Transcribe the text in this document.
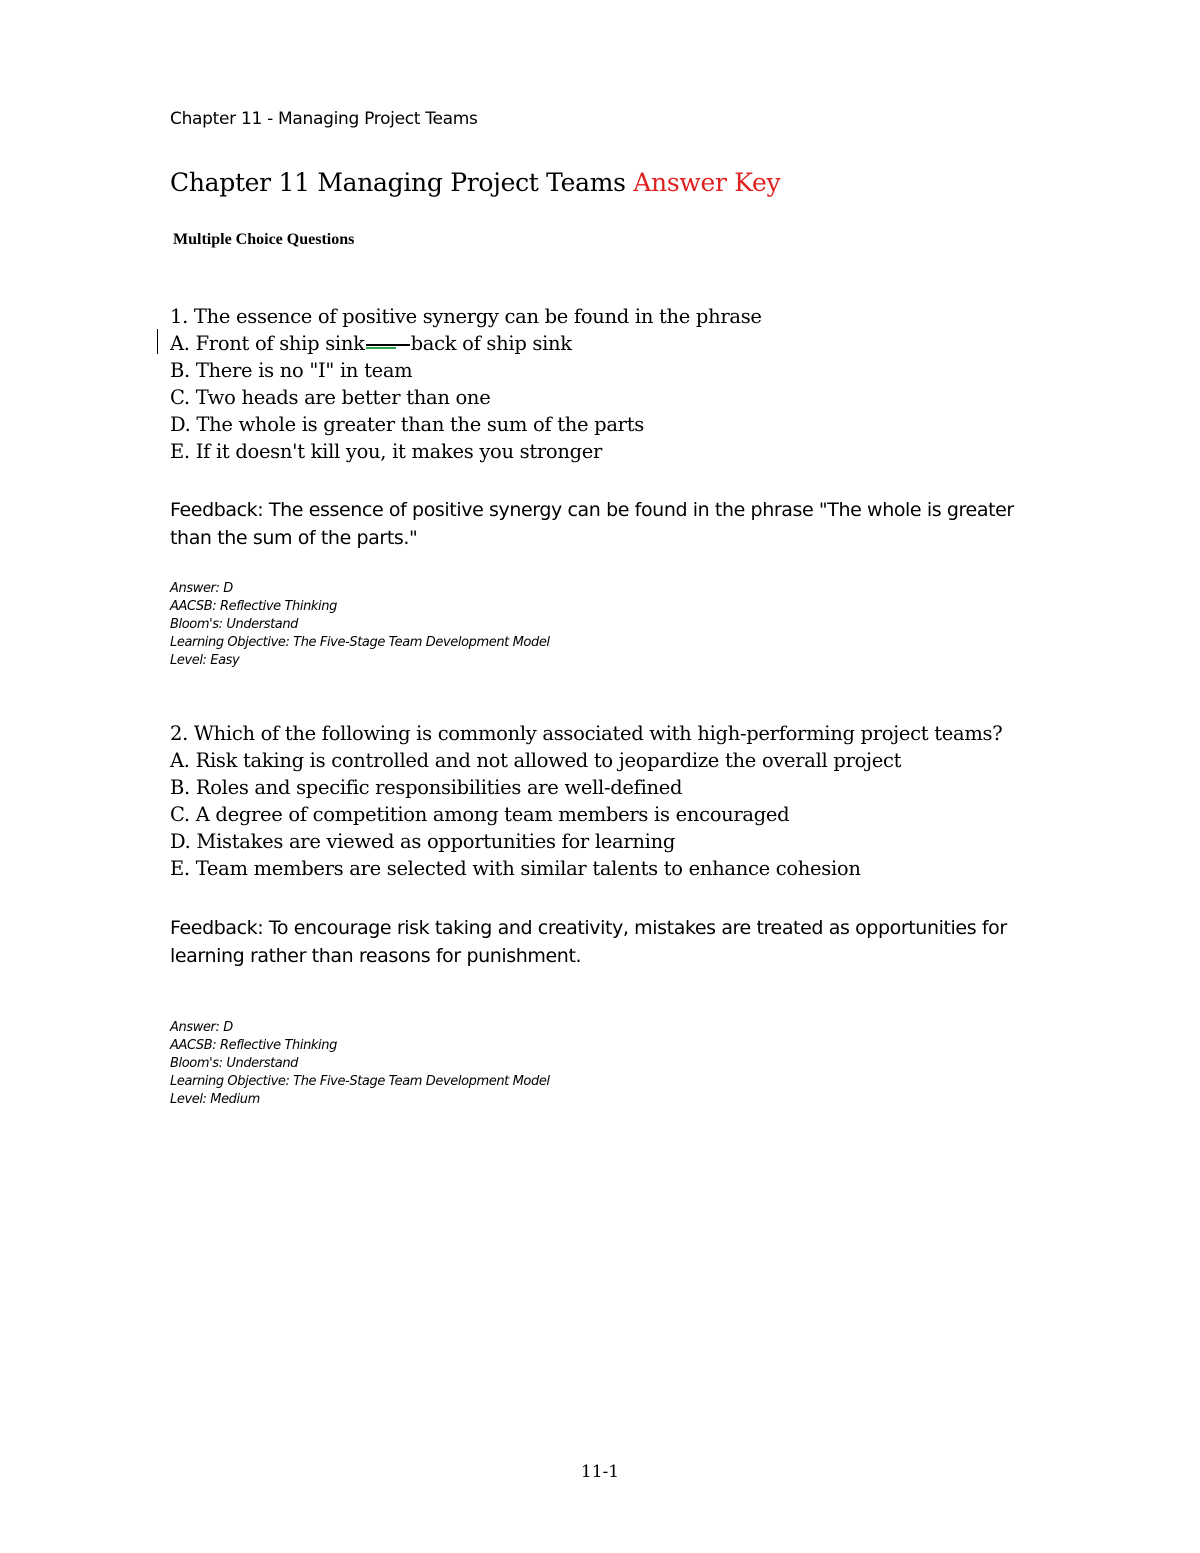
Chapter 11 - Managing Project Teams
Chapter 11 Managing Project Teams Answer Key
Multiple Choice Questions
1. The essence of positive synergy can be found in the phrase
A. Front of ship sink back of ship sink
B. There is no "I" in team
C. Two heads are better than one
D. The whole is greater than the sum of the parts
E. If it doesn't kill you, it makes you stronger
Feedback: The essence of positive synergy can be found in the phrase "The whole is greater than the sum of the parts."
Answer: D
AACSB: Reflective Thinking
Bloom's: Understand
Learning Objective: The Five-Stage Team Development Model
Level: Easy
2. Which of the following is commonly associated with high-performing project teams?
A. Risk taking is controlled and not allowed to jeopardize the overall project
B. Roles and specific responsibilities are well-defined
C. A degree of competition among team members is encouraged
D. Mistakes are viewed as opportunities for learning
E. Team members are selected with similar talents to enhance cohesion
Feedback: To encourage risk taking and creativity, mistakes are treated as opportunities for learning rather than reasons for punishment.
Answer: D
AACSB: Reflective Thinking
Bloom's: Understand
Learning Objective: The Five-Stage Team Development Model
Level: Medium
11-1
